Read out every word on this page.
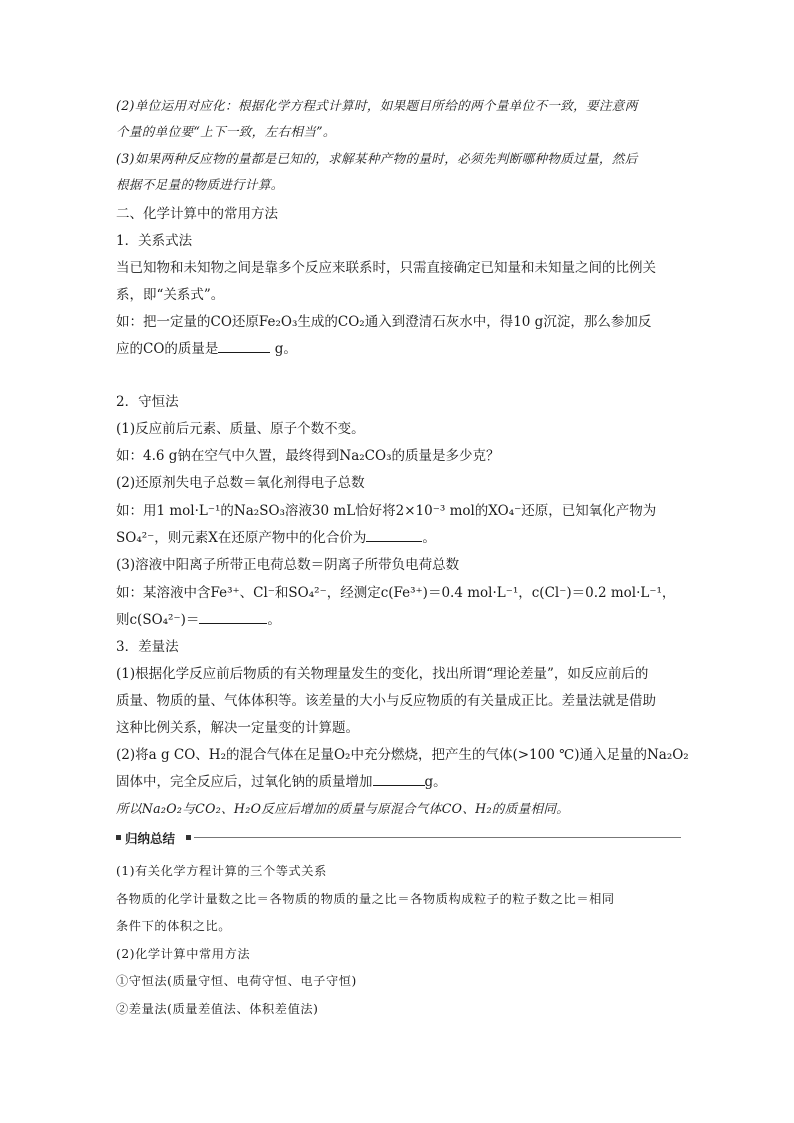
(2)单位运用对应化：根据化学方程式计算时，如果题目所给的两个量单位不一致，要注意两
个量的单位要“上下一致，左右相当”。
(3)如果两种反应物的量都是已知的，求解某种产物的量时，必须先判断哪种物质过量，然后
根据不足量的物质进行计算。
二、化学计算中的常用方法
1．关系式法
当已知物和未知物之间是靠多个反应来联系时，只需直接确定已知量和未知量之间的比例关
系，即“关系式”。
如：把一定量的CO还原Fe₂O₃生成的CO₂通入到澄清石灰水中，得10 g沉淀，那么参加反
应的CO的质量是	g。
2．守恒法
(1)反应前后元素、质量、原子个数不变。
如：4.6 g钠在空气中久置，最终得到Na₂CO₃的质量是多少克？
(2)还原剂失电子总数＝氧化剂得电子总数
如：用1 mol·L⁻¹的Na₂SO₃溶液30 mL恰好将2×10⁻³ mol的XO₄⁻还原，已知氧化产物为
SO₄²⁻，则元素X在还原产物中的化合价为	。
(3)溶液中阳离子所带正电荷总数＝阴离子所带负电荷总数
如：某溶液中含Fe³⁺、Cl⁻和SO₄²⁻，经测定c(Fe³⁺)＝0.4 mol·L⁻¹，c(Cl⁻)＝0.2 mol·L⁻¹，
则c(SO₄²⁻)＝	。
3．差量法
(1)根据化学反应前后物质的有关物理量发生的变化，找出所谓“理论差量”，如反应前后的
质量、物质的量、气体体积等。该差量的大小与反应物质的有关量成正比。差量法就是借助
这种比例关系，解决一定量变的计算题。
(2)将a g CO、H₂的混合气体在足量O₂中充分燃烧，把产生的气体(>100 ℃)通入足量的Na₂O₂
固体中，完全反应后，过氧化钠的质量增加	g。
所以Na₂O₂与CO₂、H₂O反应后增加的质量与原混合气体CO、H₂的质量相同。
归纳总结
(1)有关化学方程计算的三个等式关系
各物质的化学计量数之比＝各物质的物质的量之比＝各物质构成粒子的粒子数之比＝相同
条件下的体积之比。
(2)化学计算中常用方法
①守恒法(质量守恒、电荷守恒、电子守恒)
②差量法(质量差值法、体积差值法)
